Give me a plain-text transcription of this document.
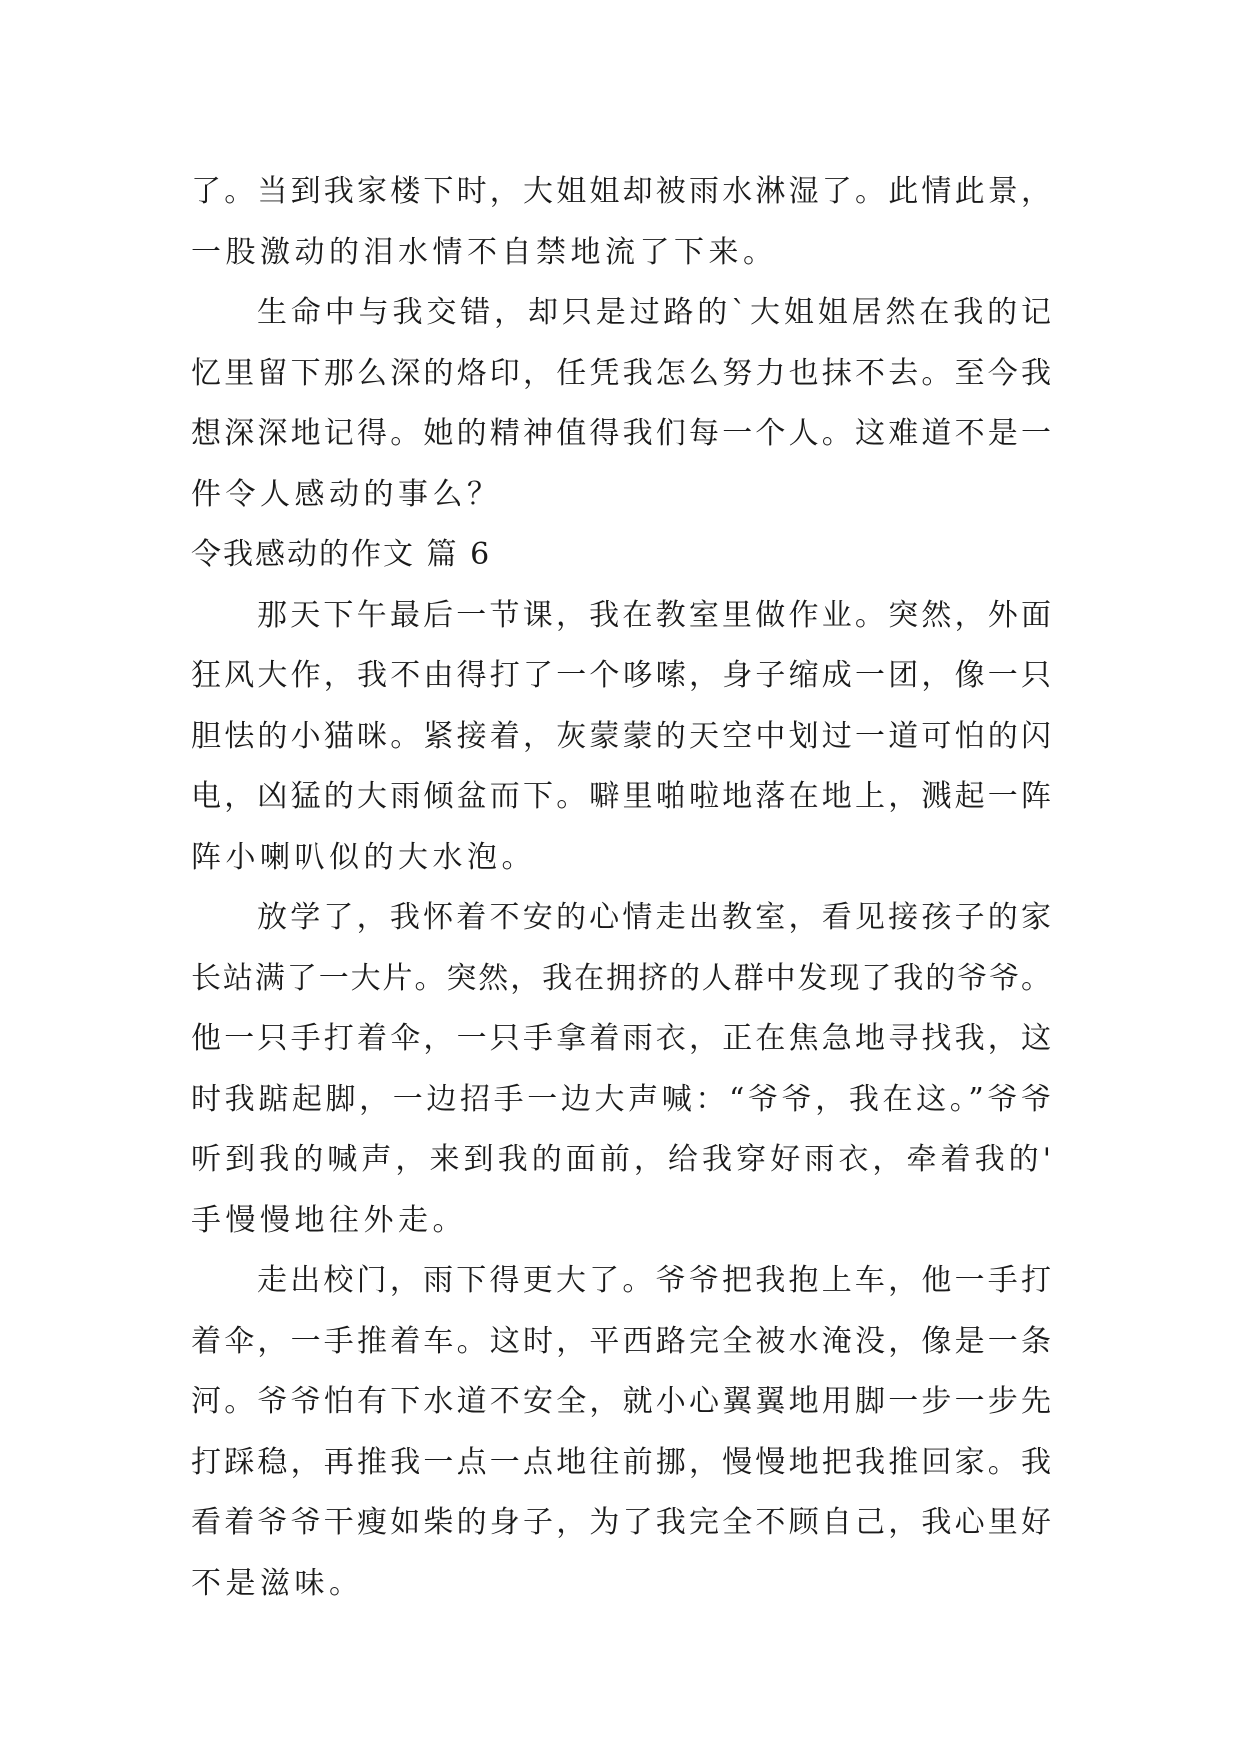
了。当到我家楼下时，大姐姐却被雨水淋湿了。此情此景，
一股激动的泪水情不自禁地流了下来。
生命中与我交错，却只是过路的`大姐姐居然在我的记
忆里留下那么深的烙印，任凭我怎么努力也抹不去。至今我
想深深地记得。她的精神值得我们每一个人。这难道不是一
件令人感动的事么？
令我感动的作文 篇 6
那天下午最后一节课，我在教室里做作业。突然，外面
狂风大作，我不由得打了一个哆嗦，身子缩成一团，像一只
胆怯的小猫咪。紧接着，灰蒙蒙的天空中划过一道可怕的闪
电，凶猛的大雨倾盆而下。噼里啪啦地落在地上，溅起一阵
阵小喇叭似的大水泡。
放学了，我怀着不安的心情走出教室，看见接孩子的家
长站满了一大片。突然，我在拥挤的人群中发现了我的爷爷。
他一只手打着伞，一只手拿着雨衣，正在焦急地寻找我，这
时我踮起脚，一边招手一边大声喊：“爷爷，我在这。”爷爷
听到我的喊声，来到我的面前，给我穿好雨衣，牵着我的'
手慢慢地往外走。
走出校门，雨下得更大了。爷爷把我抱上车，他一手打
着伞，一手推着车。这时，平西路完全被水淹没，像是一条
河。爷爷怕有下水道不安全，就小心翼翼地用脚一步一步先
打踩稳，再推我一点一点地往前挪，慢慢地把我推回家。我
看着爷爷干瘦如柴的身子，为了我完全不顾自己，我心里好
不是滋味。
